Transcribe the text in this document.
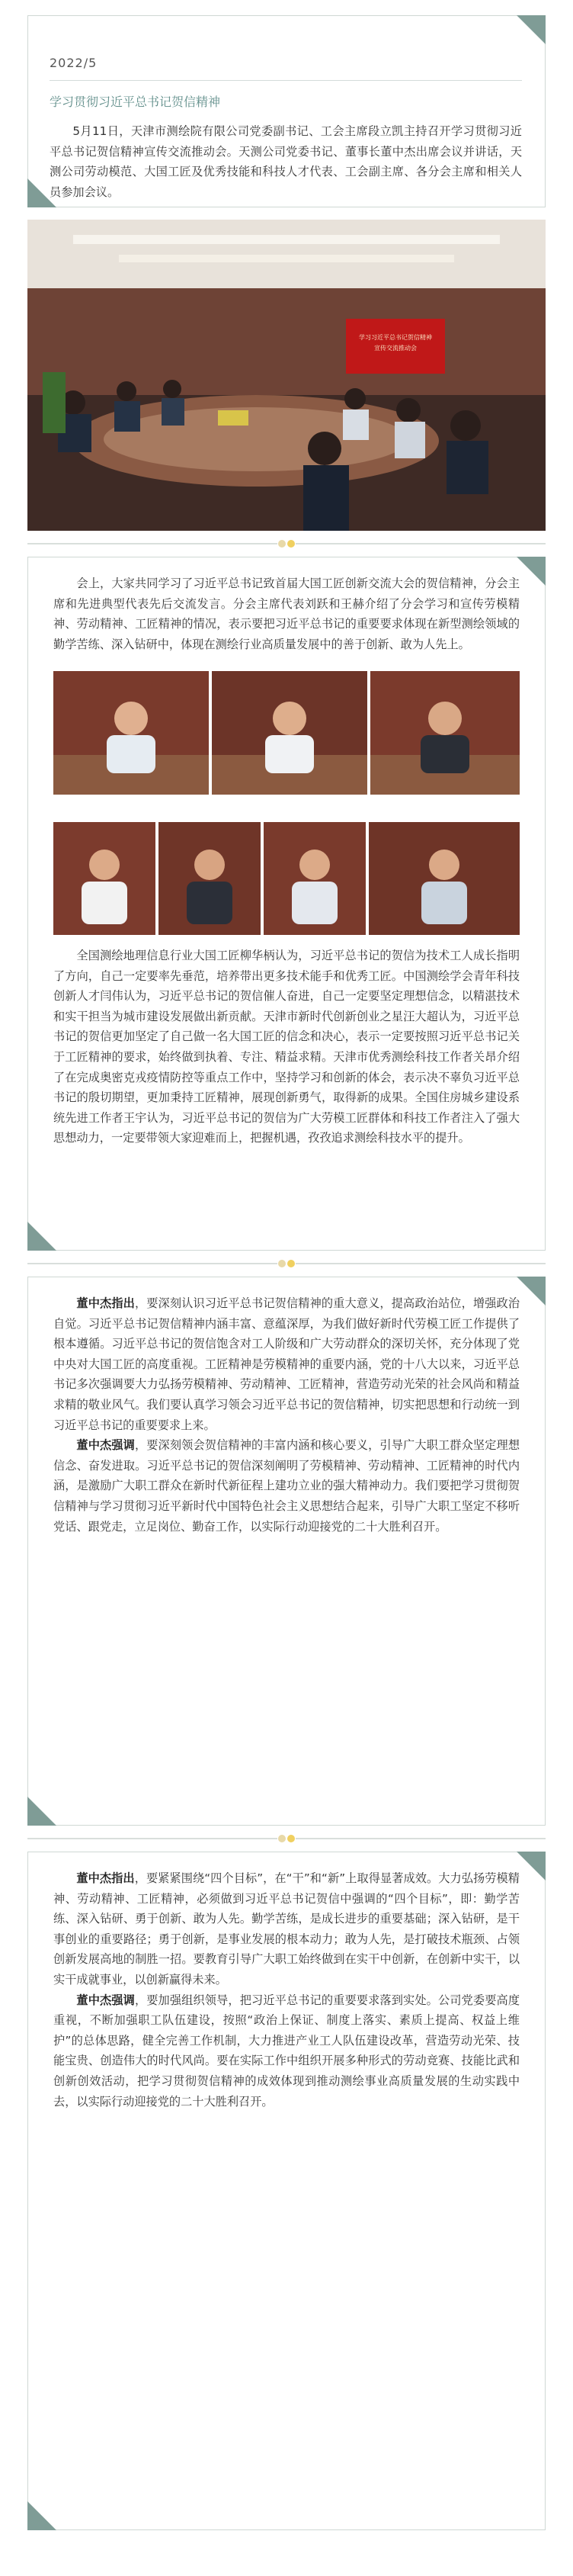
2022/5
学习贯彻习近平总书记贺信精神

5月11日，天津市测绘院有限公司党委副书记、工会主席段立凯主持召开学习贯彻习近平总书记贺信精神宣传交流推动会。天测公司党委书记、董事长董中杰出席会议并讲话，天测公司劳动模范、大国工匠及优秀技能和科技人才代表、工会副主席、各分会主席和相关人员参加会议。

学习习近平总书记贺信精神
宣传交流推动会

会上，大家共同学习了习近平总书记致首届大国工匠创新交流大会的贺信精神，分会主席和先进典型代表先后交流发言。分会主席代表刘跃和王赫介绍了分会学习和宣传劳模精神、劳动精神、工匠精神的情况，表示要把习近平总书记的重要要求体现在新型测绘领域的勤学苦练、深入钻研中，体现在测绘行业高质量发展中的善于创新、敢为人先上。

全国测绘地理信息行业大国工匠柳华柄认为，习近平总书记的贺信为技术工人成长指明了方向，自己一定要率先垂范，培养带出更多技术能手和优秀工匠。中国测绘学会青年科技创新人才闫伟认为，习近平总书记的贺信催人奋进，自己一定要坚定理想信念，以精湛技术和实干担当为城市建设发展做出新贡献。天津市新时代创新创业之星汪大超认为，习近平总书记的贺信更加坚定了自己做一名大国工匠的信念和决心，表示一定要按照习近平总书记关于工匠精神的要求，始终做到执着、专注、精益求精。天津市优秀测绘科技工作者关昂介绍了在完成奥密克戎疫情防控等重点工作中，坚持学习和创新的体会，表示决不辜负习近平总书记的殷切期望，更加秉持工匠精神，展现创新勇气，取得新的成果。全国住房城乡建设系统先进工作者王宇认为，习近平总书记的贺信为广大劳模工匠群体和科技工作者注入了强大思想动力，一定要带领大家迎难而上，把握机遇，孜孜追求测绘科技水平的提升。

董中杰指出，要深刻认识习近平总书记贺信精神的重大意义，提高政治站位，增强政治自觉。习近平总书记贺信精神内涵丰富、意蕴深厚，为我们做好新时代劳模工匠工作提供了根本遵循。习近平总书记的贺信饱含对工人阶级和广大劳动群众的深切关怀，充分体现了党中央对大国工匠的高度重视。工匠精神是劳模精神的重要内涵，党的十八大以来，习近平总书记多次强调要大力弘扬劳模精神、劳动精神、工匠精神，营造劳动光荣的社会风尚和精益求精的敬业风气。我们要认真学习领会习近平总书记的贺信精神，切实把思想和行动统一到习近平总书记的重要要求上来。

董中杰强调，要深刻领会贺信精神的丰富内涵和核心要义，引导广大职工群众坚定理想信念、奋发进取。习近平总书记的贺信深刻阐明了劳模精神、劳动精神、工匠精神的时代内涵，是激励广大职工群众在新时代新征程上建功立业的强大精神动力。我们要把学习贯彻贺信精神与学习贯彻习近平新时代中国特色社会主义思想结合起来，引导广大职工坚定不移听党话、跟党走，立足岗位、勤奋工作，以实际行动迎接党的二十大胜利召开。

董中杰指出，要紧紧围绕“四个目标”，在“干”和“新”上取得显著成效。大力弘扬劳模精神、劳动精神、工匠精神，必须做到习近平总书记贺信中强调的“四个目标”，即：勤学苦练、深入钻研、勇于创新、敢为人先。勤学苦练，是成长进步的重要基础；深入钻研，是干事创业的重要路径；勇于创新，是事业发展的根本动力；敢为人先，是打破技术瓶颈、占领创新发展高地的制胜一招。要教育引导广大职工始终做到在实干中创新，在创新中实干，以实干成就事业，以创新赢得未来。

董中杰强调，要加强组织领导，把习近平总书记的重要要求落到实处。公司党委要高度重视，不断加强职工队伍建设，按照“政治上保证、制度上落实、素质上提高、权益上维护”的总体思路，健全完善工作机制，大力推进产业工人队伍建设改革，营造劳动光荣、技能宝贵、创造伟大的时代风尚。要在实际工作中组织开展多种形式的劳动竞赛、技能比武和创新创效活动，把学习贯彻贺信精神的成效体现到推动测绘事业高质量发展的生动实践中去，以实际行动迎接党的二十大胜利召开。
